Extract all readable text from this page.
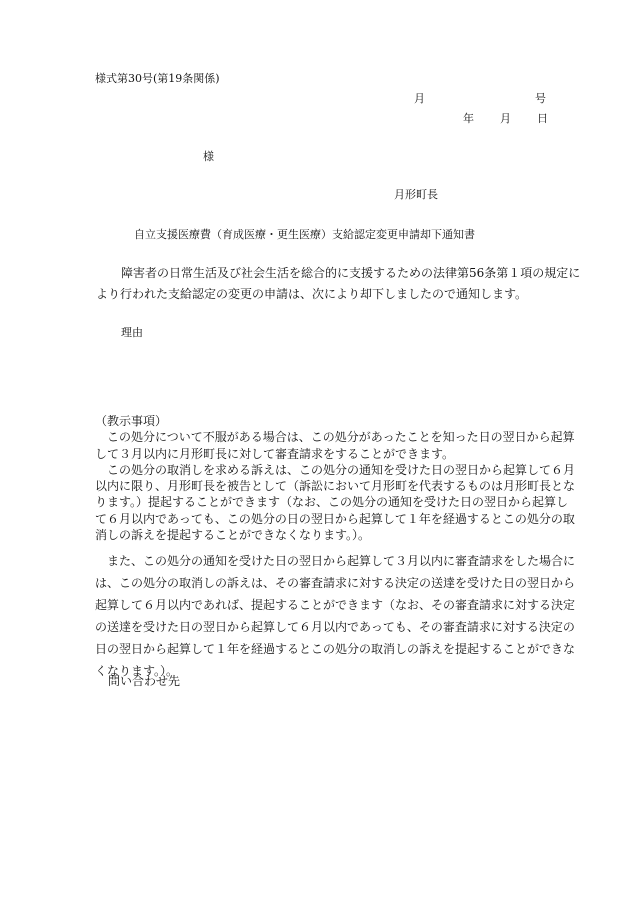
様式第30号(第19条関係)
月	号
年 月 日
様
月形町長
自立支援医療費（育成医療・更生医療）支給認定変更申請却下通知書
障害者の日常生活及び社会生活を総合的に支援するための法律第56条第１項の規定に
より行われた支給認定の変更の申請は、次により却下しましたので通知します。
理由

（教示事項）

この処分について不服がある場合は、この処分があったことを知った日の翌日から起算

して３月以内に月形町長に対して審査請求をすることができます。

この処分の取消しを求める訴えは、この処分の通知を受けた日の翌日から起算して６月

以内に限り、月形町長を被告として（訴訟において月形町を代表するものは月形町長とな

ります。）提起することができます（なお、この処分の通知を受けた日の翌日から起算し

て６月以内であっても、この処分の日の翌日から起算して１年を経過するとこの処分の取

消しの訴えを提起することができなくなります。）。

また、この処分の通知を受けた日の翌日から起算して３月以内に審査請求をした場合に

は、この処分の取消しの訴えは、その審査請求に対する決定の送達を受けた日の翌日から

起算して６月以内であれば、提起することができます（なお、その審査請求に対する決定

の送達を受けた日の翌日から起算して６月以内であっても、その審査請求に対する決定の

日の翌日から起算して１年を経過するとこの処分の取消しの訴えを提起することができな

くなります。）。

問い合わせ先
